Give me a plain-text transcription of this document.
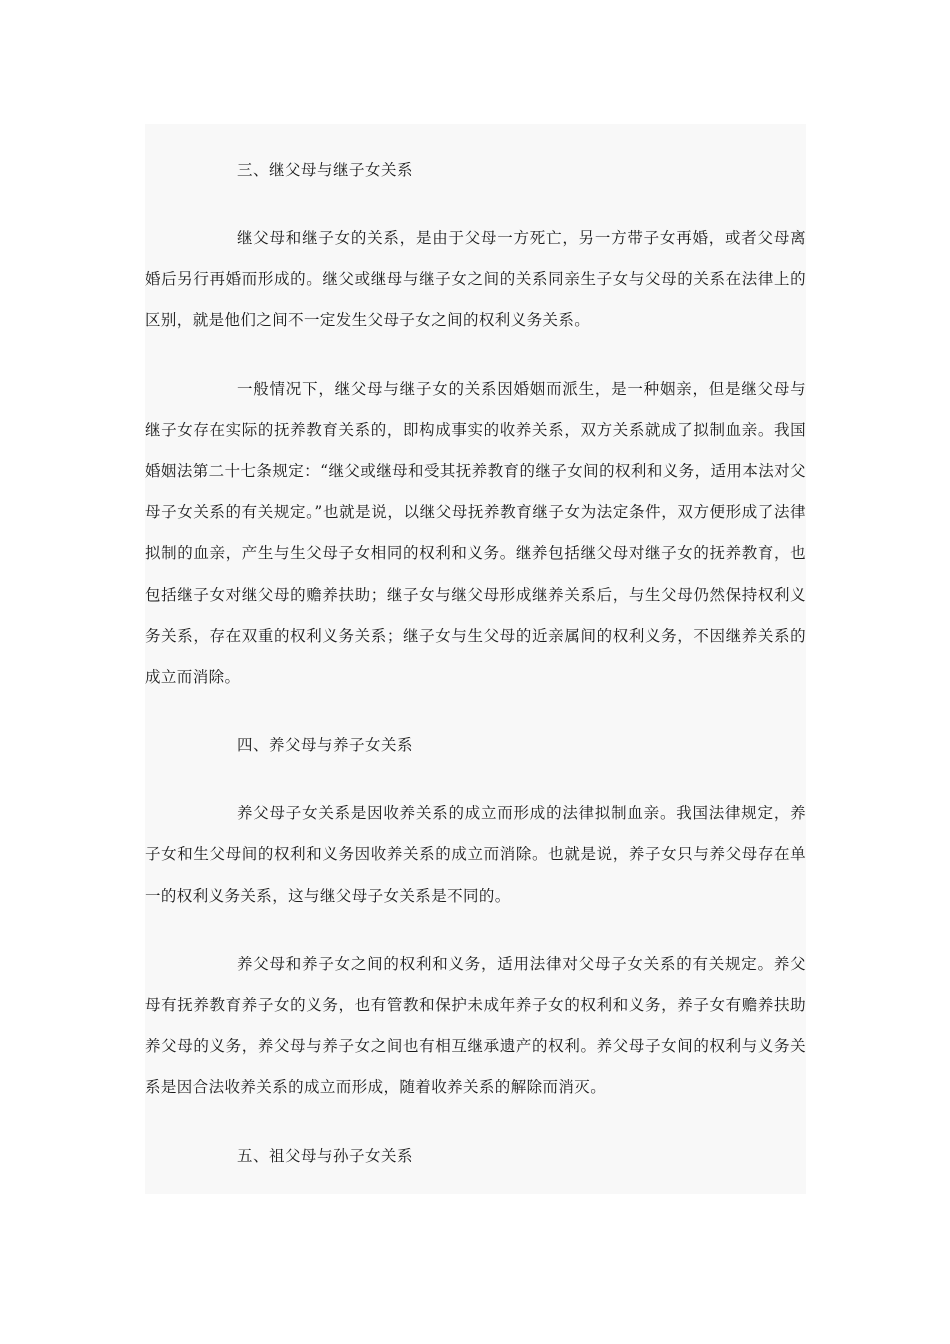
三、继父母与继子女关系

继父母和继子女的关系，是由于父母一方死亡，另一方带子女再婚，或者父母离婚后另行再婚而形成的。继父或继母与继子女之间的关系同亲生子女与父母的关系在法律上的区别，就是他们之间不一定发生父母子女之间的权利义务关系。

一般情况下，继父母与继子女的关系因婚姻而派生，是一种姻亲，但是继父母与继子女存在实际的抚养教育关系的，即构成事实的收养关系，双方关系就成了拟制血亲。我国婚姻法第二十七条规定：“继父或继母和受其抚养教育的继子女间的权利和义务，适用本法对父母子女关系的有关规定。”也就是说，以继父母抚养教育继子女为法定条件，双方便形成了法律拟制的血亲，产生与生父母子女相同的权利和义务。继养包括继父母对继子女的抚养教育，也包括继子女对继父母的赡养扶助；继子女与继父母形成继养关系后，与生父母仍然保持权利义务关系，存在双重的权利义务关系；继子女与生父母的近亲属间的权利义务，不因继养关系的成立而消除。

四、养父母与养子女关系

养父母子女关系是因收养关系的成立而形成的法律拟制血亲。我国法律规定，养子女和生父母间的权利和义务因收养关系的成立而消除。也就是说，养子女只与养父母存在单一的权利义务关系，这与继父母子女关系是不同的。

养父母和养子女之间的权利和义务，适用法律对父母子女关系的有关规定。养父母有抚养教育养子女的义务，也有管教和保护未成年养子女的权利和义务，养子女有赡养扶助养父母的义务，养父母与养子女之间也有相互继承遗产的权利。养父母子女间的权利与义务关系是因合法收养关系的成立而形成，随着收养关系的解除而消灭。

五、祖父母与孙子女关系
